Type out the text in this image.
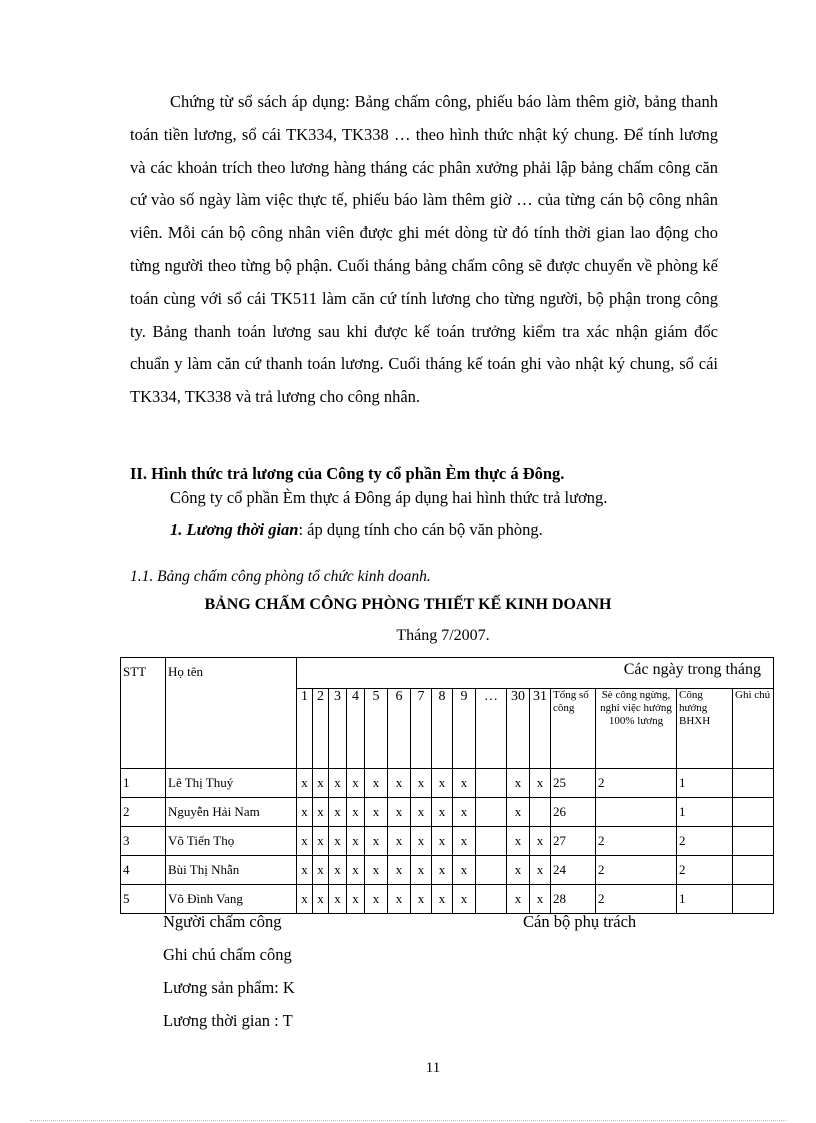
Chứng từ sổ sách áp dụng: Bảng chấm công, phiếu báo làm thêm giờ, bảng thanh toán tiền lương, sổ cái TK334, TK338 … theo hình thức nhật ký chung. Để tính lương và các khoản trích theo lương hàng tháng các phân xưởng phải lập bảng chấm công căn cứ vào số ngày làm việc thực tế, phiếu báo làm thêm giờ … của từng cán bộ công nhân viên. Mỗi cán bộ công nhân viên được ghi mét dòng từ đó tính thời gian lao động cho từng người theo từng bộ phận. Cuối tháng bảng chấm công sẽ được chuyển về phòng kế toán cùng với sổ cái TK511 làm căn cứ tính lương cho từng người, bộ phận trong công ty. Bảng thanh toán lương sau khi được kế toán trưởng kiểm tra xác nhận giám đốc chuẩn y làm căn cứ thanh toán lương. Cuối tháng kế toán ghi vào nhật ký chung, sổ cái TK334, TK338 và trả lương cho công nhân.

II. Hình thức trả lương của Công ty cổ phần Èm thực á Đông.
Công ty cổ phần Èm thực á Đông áp dụng hai hình thức trả lương.
1. Lương thời gian: áp dụng tính cho cán bộ văn phòng.
1.1. Bảng chấm công phòng tổ chức kinh doanh.
BẢNG CHẤM CÔNG PHÒNG THIẾT KẾ KINH DOANH
Tháng 7/2007.
STT	Họ tên	Các ngày trong tháng															
		1	2	3	4	5	6	7	8	9	…	30	31	Tổng số công	Sè công ngừng, nghỉ việc hưởng 100% lương	Công hưởng BHXH	Ghi chú
1	Lê Thị Thuý	x	x	x	x	x	x	x	x	x		x	x	25	2	1	
2	Nguyễn Hải Nam	x	x	x	x	x	x	x	x	x		x		26		1	
3	Võ Tiến Thọ	x	x	x	x	x	x	x	x	x		x	x	27	2	2	
4	Bùi Thị Nhẫn	x	x	x	x	x	x	x	x	x		x	x	24	2	2	
5	Võ Đình Vang	x	x	x	x	x	x	x	x	x		x	x	28	2	1	
Người chấm công	Cán bộ phụ trách
Ghi chú chấm công
Lương sản phẩm: K
Lương thời gian : T
11
